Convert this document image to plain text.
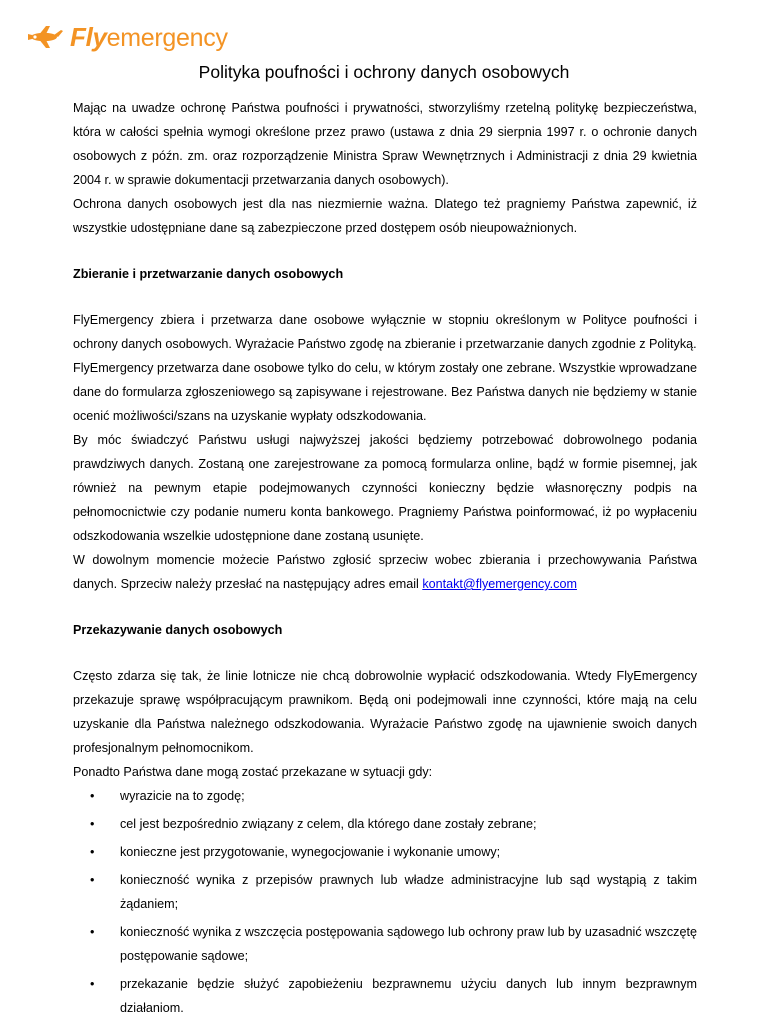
Flyemergency
Polityka poufności i ochrony danych osobowych

Mając na uwadze ochronę Państwa poufności i prywatności, stworzyliśmy rzetelną politykę bezpieczeństwa, która w całości spełnia wymogi określone przez prawo (ustawa z dnia 29 sierpnia 1997 r. o ochronie danych osobowych z późn. zm. oraz rozporządzenie Ministra Spraw Wewnętrznych i Administracji z dnia 29 kwietnia 2004 r. w sprawie dokumentacji przetwarzania danych osobowych).

Ochrona danych osobowych jest dla nas niezmiernie ważna. Dlatego też pragniemy Państwa zapewnić, iż wszystkie udostępniane dane są zabezpieczone przed dostępem osób nieupoważnionych.

Zbieranie i przetwarzanie danych osobowych

FlyEmergency zbiera i przetwarza dane osobowe wyłącznie w stopniu określonym w Polityce poufności i ochrony danych osobowych. Wyrażacie Państwo zgodę na zbieranie i przetwarzanie danych zgodnie z Polityką.

FlyEmergency przetwarza dane osobowe tylko do celu, w którym zostały one zebrane. Wszystkie wprowadzane dane do formularza zgłoszeniowego są zapisywane i rejestrowane. Bez Państwa danych nie będziemy w stanie ocenić możliwości/szans na uzyskanie wypłaty odszkodowania.

By móc świadczyć Państwu usługi najwyższej jakości będziemy potrzebować dobrowolnego podania prawdziwych danych. Zostaną one zarejestrowane za pomocą formularza online, bądź w formie pisemnej, jak również na pewnym etapie podejmowanych czynności konieczny będzie własnoręczny podpis na pełnomocnictwie czy podanie numeru konta bankowego. Pragniemy Państwa poinformować, iż po wypłaceniu odszkodowania wszelkie udostępnione dane zostaną usunięte.

W dowolnym momencie możecie Państwo zgłosić sprzeciw wobec zbierania i przechowywania Państwa danych. Sprzeciw należy przesłać na następujący adres email kontakt@flyemergency.com

Przekazywanie danych osobowych

Często zdarza się tak, że linie lotnicze nie chcą dobrowolnie wypłacić odszkodowania. Wtedy FlyEmergency przekazuje sprawę współpracującym prawnikom. Będą oni podejmowali inne czynności, które mają na celu uzyskanie dla Państwa należnego odszkodowania. Wyrażacie Państwo zgodę na ujawnienie swoich danych profesjonalnym pełnomocnikom.

Ponadto Państwa dane mogą zostać przekazane w sytuacji gdy:

• wyrazicie na to zgodę;
• cel jest bezpośrednio związany z celem, dla którego dane zostały zebrane;
• konieczne jest przygotowanie, wynegocjowanie i wykonanie umowy;
• konieczność wynika z przepisów prawnych lub władze administracyjne lub sąd wystąpią z takim żądaniem;
• konieczność wynika z wszczęcia postępowania sądowego lub ochrony praw lub by uzasadnić wszczętę postępowanie sądowe;
• przekazanie będzie służyć zapobieżeniu bezprawnemu użyciu danych lub innym bezprawnym działaniom.
